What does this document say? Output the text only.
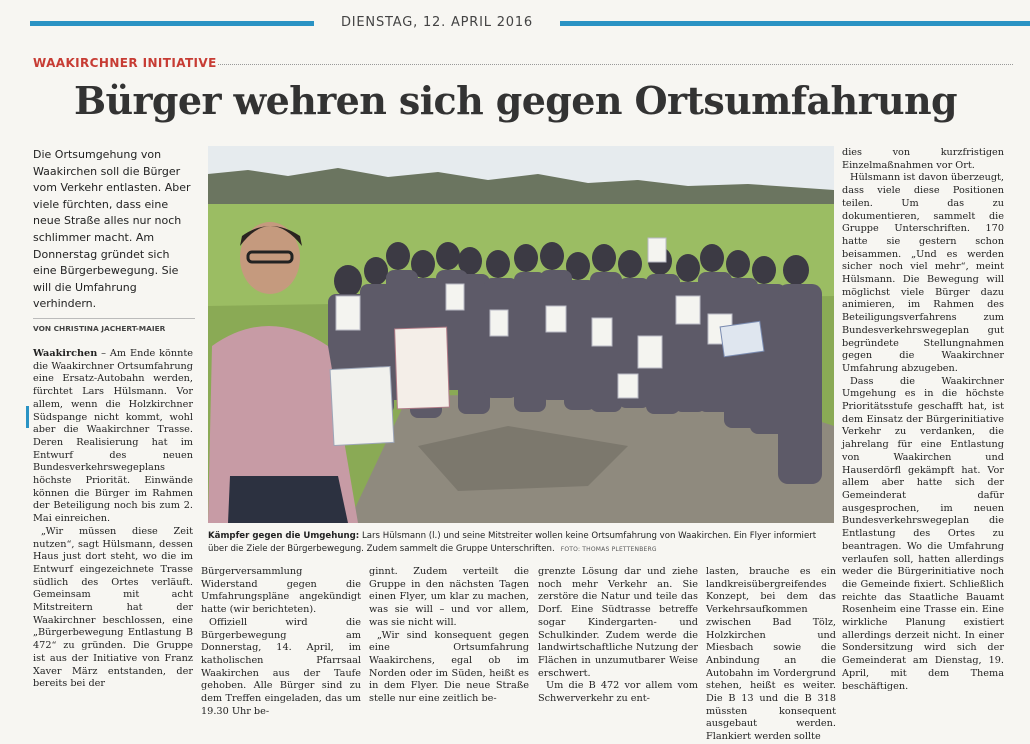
DIENSTAG, 12. APRIL 2016
WAAKIRCHNER INITIATIVE
Bürger wehren sich gegen Ortsumfahrung
Die Ortsumgehung von Waakirchen soll die Bürger vom Verkehr entlasten. Aber viele fürchten, dass eine neue Straße alles nur noch schlimmer macht. Am Donnerstag gründet sich eine Bürgerbewegung. Sie will die Umfahrung verhindern.
VON CHRISTINA JACHERT-MAIER

Waakirchen – Am Ende könnte die Waakirchner Ortsumfahrung eine Ersatz-Autobahn werden, fürchtet Lars Hülsmann. Vor allem, wenn die Holzkirchner Südspange nicht kommt, wohl aber die Waakirchner Trasse. Deren Realisierung hat im Entwurf des neuen Bundesverkehrswegeplans höchste Priorität. Einwände können die Bürger im Rahmen der Beteiligung noch bis zum 2. Mai einreichen.

„Wir müssen diese Zeit nutzen“, sagt Hülsmann, dessen Haus just dort steht, wo die im Entwurf eingezeichnete Trasse südlich des Ortes verläuft. Gemeinsam mit acht Mitstreitern hat der Waakirchner beschlossen, eine „Bürgerbewegung Entlastung B 472“ zu gründen. Die Gruppe ist aus der Initiative von Franz Xaver März entstanden, der bereits bei der

Kämpfer gegen die Umgehung: Lars Hülsmann (l.) und seine Mitstreiter wollen keine Ortsumfahrung von Waakirchen. Ein Flyer informiert über die Ziele der Bürgerbewegung. Zudem sammelt die Gruppe Unterschriften. FOTO: THOMAS PLETTENBERG

Bürgerversammlung Widerstand gegen die Umfahrungspläne angekündigt hatte (wir berichteten).

Offiziell wird die Bürgerbewegung am Donnerstag, 14. April, im katholischen Pfarrsaal Waakirchen aus der Taufe gehoben. Alle Bürger sind zu dem Treffen eingeladen, das um 19.30 Uhr be-

ginnt. Zudem verteilt die Gruppe in den nächsten Tagen einen Flyer, um klar zu machen, was sie will – und vor allem, was sie nicht will.

„Wir sind konsequent gegen eine Ortsumfahrung Waakirchens, egal ob im Norden oder im Süden, heißt es in dem Flyer. Die neue Straße stelle nur eine zeitlich be-

grenzte Lösung dar und ziehe noch mehr Verkehr an. Sie zerstöre die Natur und teile das Dorf. Eine Südtrasse betreffe sogar Kindergarten- und Schulkinder. Zudem werde die landwirtschaftliche Nutzung der Flächen in unzumutbarer Weise erschwert.

Um die B 472 vor allem vom Schwerverkehr zu ent-

lasten, brauche es ein landkreisübergreifendes Konzept, bei dem das Verkehrsaufkommen zwischen Bad Tölz, Holzkirchen und Miesbach sowie die Anbindung an die Autobahn im Vordergrund stehen, heißt es weiter. Die B 13 und die B 318 müssten konsequent ausgebaut werden. Flankiert werden sollte

dies von kurzfristigen Einzelmaßnahmen vor Ort.

Hülsmann ist davon überzeugt, dass viele diese Positionen teilen. Um das zu dokumentieren, sammelt die Gruppe Unterschriften. 170 hatte sie gestern schon beisammen. „Und es werden sicher noch viel mehr“, meint Hülsmann. Die Bewegung will möglichst viele Bürger dazu animieren, im Rahmen des Beteiligungsverfahrens zum Bundesverkehrswegeplan gut begründete Stellungnahmen gegen die Waakirchner Umfahrung abzugeben.

Dass die Waakirchner Umgehung es in die höchste Prioritätsstufe geschafft hat, ist dem Einsatz der Bürgerinitiative Verkehr zu verdanken, die jahrelang für eine Entlastung von Waakirchen und Hauserdörfl gekämpft hat. Vor allem aber hatte sich der Gemeinderat dafür ausgesprochen, im neuen Bundesverkehrswegeplan die Entlastung des Ortes zu beantragen. Wo die Umfahrung verlaufen soll, hatten allerdings weder die Bürgerinitiative noch die Gemeinde fixiert. Schließlich reichte das Staatliche Bauamt Rosenheim eine Trasse ein. Eine wirkliche Planung existiert allerdings derzeit nicht. In einer Sondersitzung wird sich der Gemeinderat am Dienstag, 19. April, mit dem Thema beschäftigen.
